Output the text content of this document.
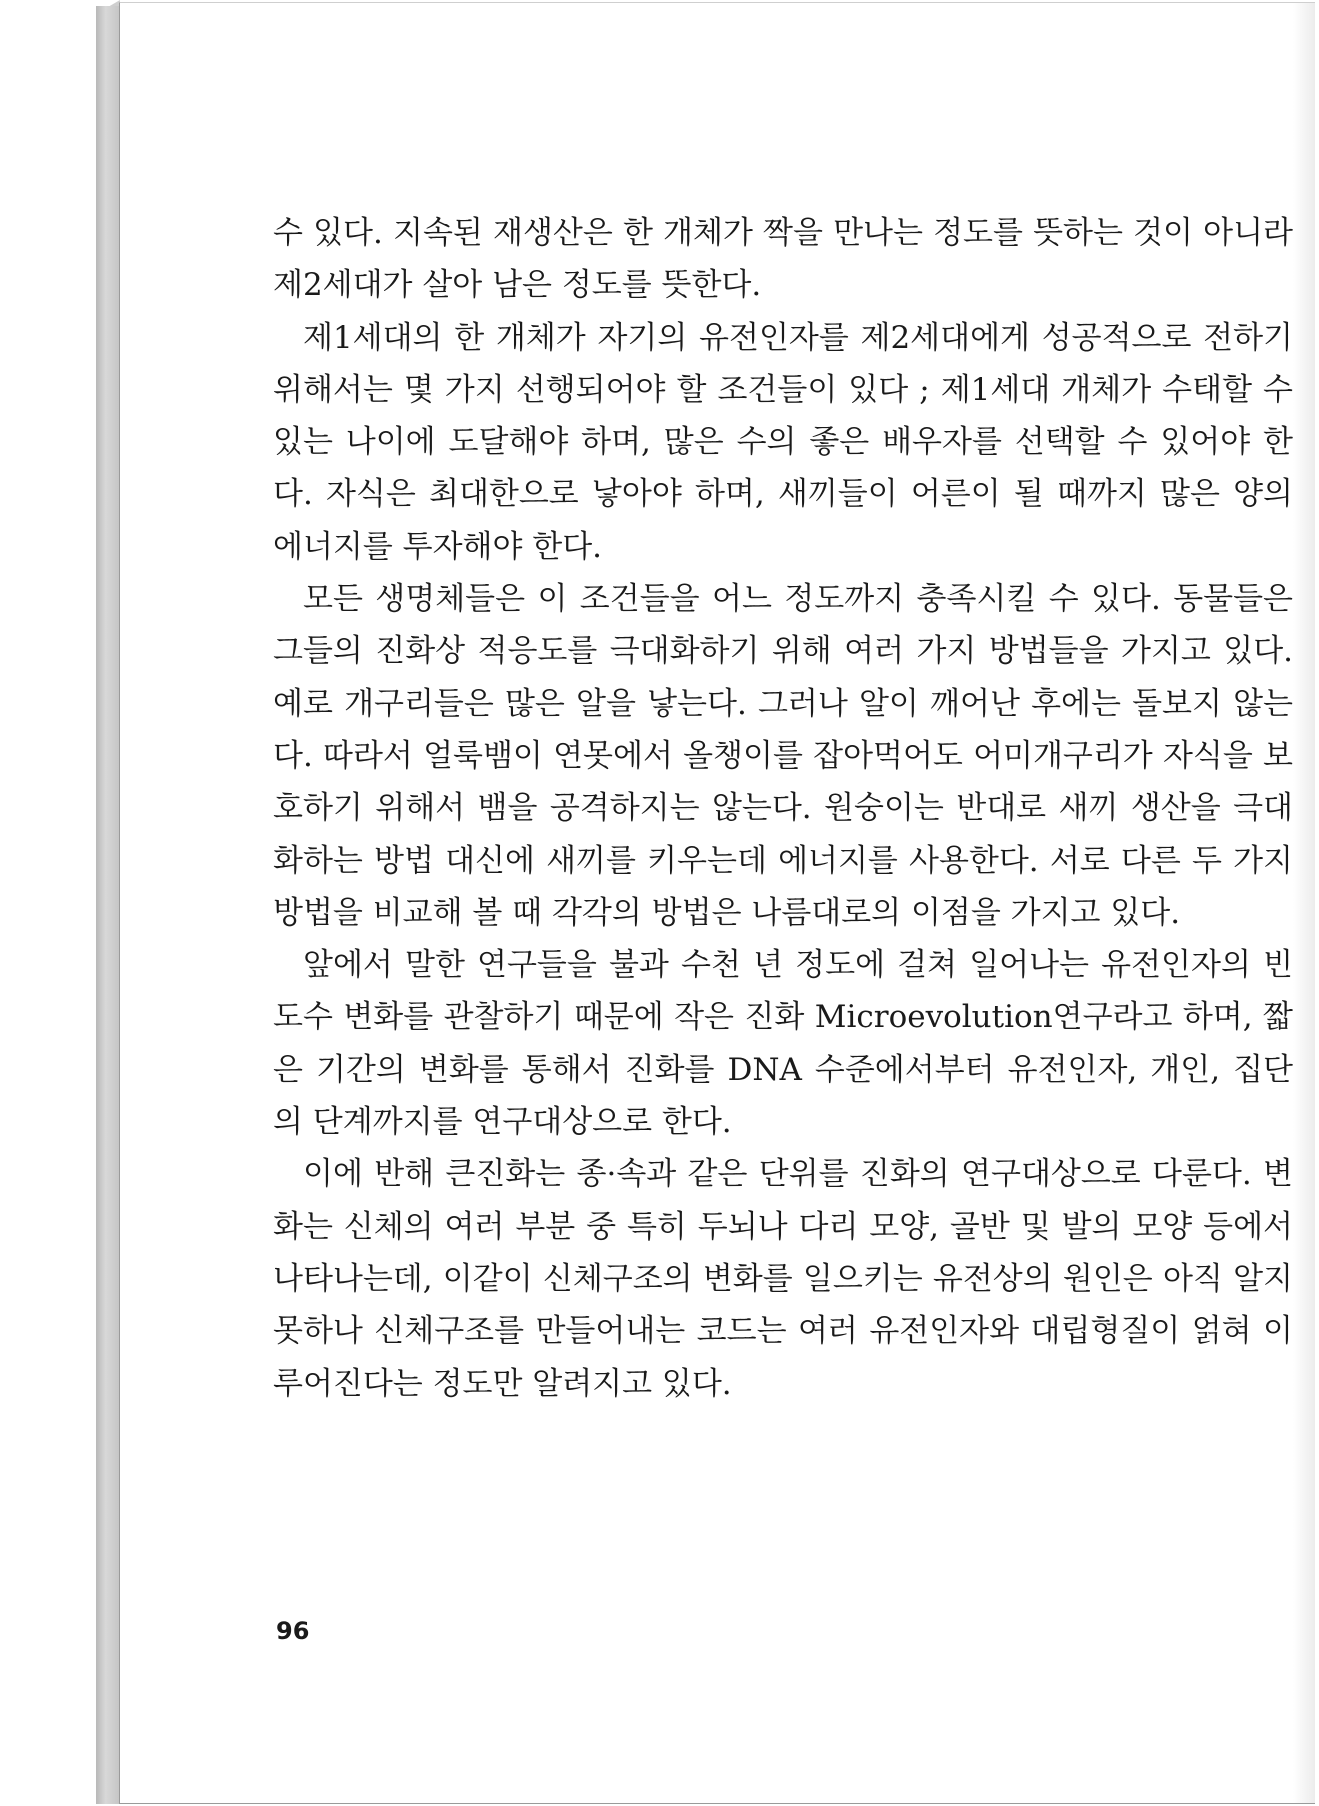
수 있다. 지속된 재생산은 한 개체가 짝을 만나는 정도를 뜻하는 것이 아니라 제2세대가 살아 남은 정도를 뜻한다.

제1세대의 한 개체가 자기의 유전인자를 제2세대에게 성공적으로 전하기 위해서는 몇 가지 선행되어야 할 조건들이 있다 ; 제1세대 개체가 수태할 수 있는 나이에 도달해야 하며, 많은 수의 좋은 배우자를 선택할 수 있어야 한다. 자식은 최대한으로 낳아야 하며, 새끼들이 어른이 될 때까지 많은 양의 에너지를 투자해야 한다.

모든 생명체들은 이 조건들을 어느 정도까지 충족시킬 수 있다. 동물들은 그들의 진화상 적응도를 극대화하기 위해 여러 가지 방법들을 가지고 있다. 예로 개구리들은 많은 알을 낳는다. 그러나 알이 깨어난 후에는 돌보지 않는다. 따라서 얼룩뱀이 연못에서 올챙이를 잡아먹어도 어미개구리가 자식을 보호하기 위해서 뱀을 공격하지는 않는다. 원숭이는 반대로 새끼 생산을 극대화하는 방법 대신에 새끼를 키우는데 에너지를 사용한다. 서로 다른 두 가지 방법을 비교해 볼 때 각각의 방법은 나름대로의 이점을 가지고 있다.

앞에서 말한 연구들을 불과 수천 년 정도에 걸쳐 일어나는 유전인자의 빈도수 변화를 관찰하기 때문에 작은 진화 Microevolution연구라고 하며, 짧은 기간의 변화를 통해서 진화를 DNA 수준에서부터 유전인자, 개인, 집단의 단계까지를 연구대상으로 한다.

이에 반해 큰진화는 종·속과 같은 단위를 진화의 연구대상으로 다룬다. 변화는 신체의 여러 부분 중 특히 두뇌나 다리 모양, 골반 및 발의 모양 등에서 나타나는데, 이같이 신체구조의 변화를 일으키는 유전상의 원인은 아직 알지 못하나 신체구조를 만들어내는 코드는 여러 유전인자와 대립형질이 얽혀 이루어진다는 정도만 알려지고 있다.

96
